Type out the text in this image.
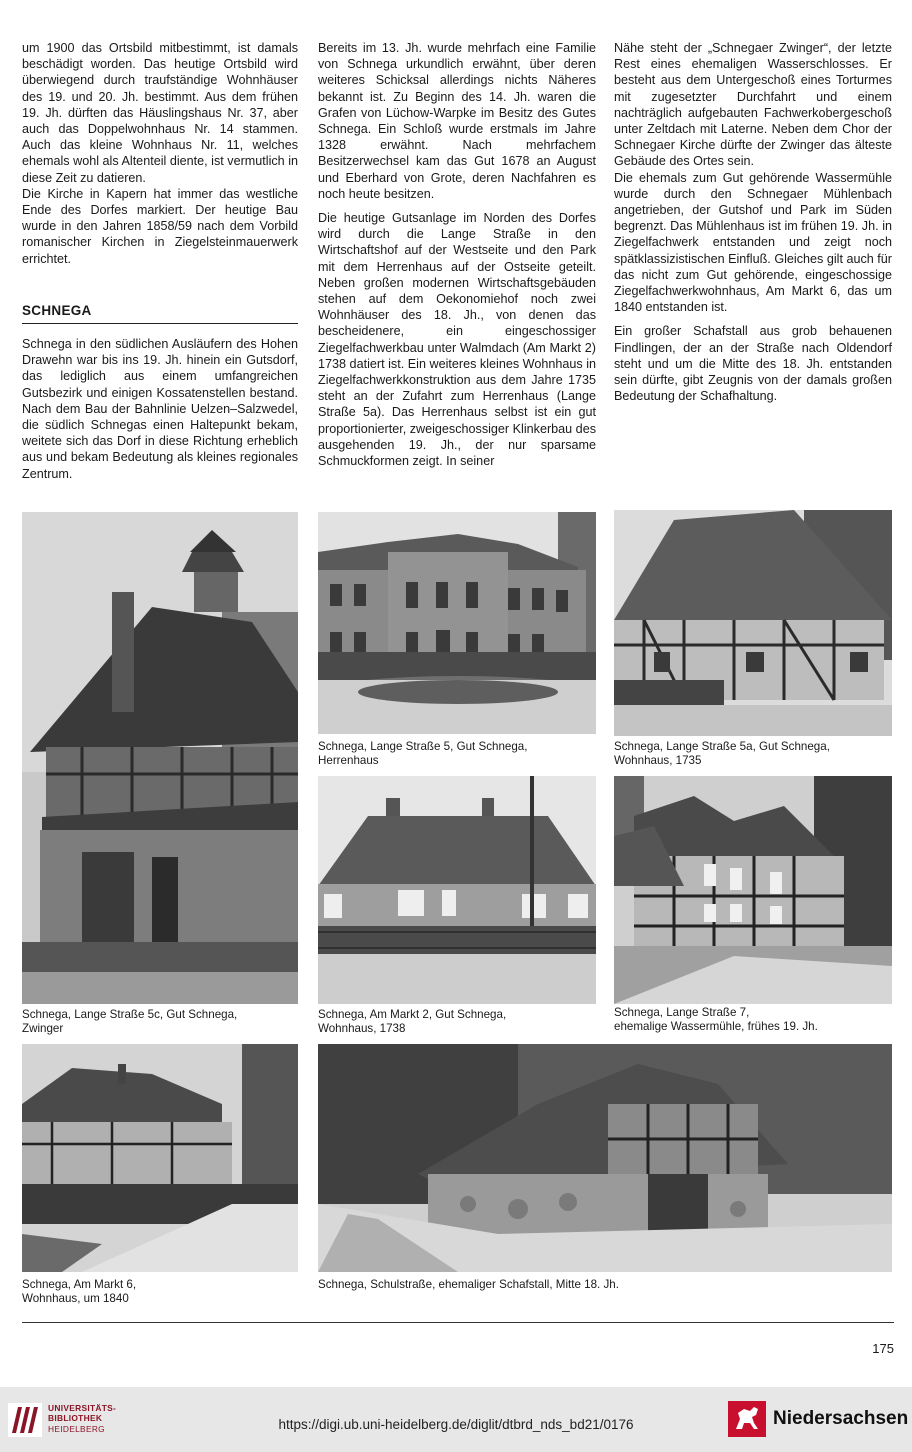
um 1900 das Ortsbild mitbestimmt, ist damals beschädigt worden. Das heutige Ortsbild wird überwiegend durch traufständige Wohnhäuser des 19. und 20. Jh. bestimmt. Aus dem frühen 19. Jh. dürften das Häuslingshaus Nr. 37, aber auch das Doppelwohnhaus Nr. 14 stammen. Auch das kleine Wohnhaus Nr. 11, welches ehemals wohl als Altenteil diente, ist vermutlich in diese Zeit zu datieren.

Die Kirche in Kapern hat immer das westliche Ende des Dorfes markiert. Der heutige Bau wurde in den Jahren 1858/59 nach dem Vorbild romanischer Kirchen in Ziegelsteinmauerwerk errichtet.

SCHNEGA

Schnega in den südlichen Ausläufern des Hohen Drawehn war bis ins 19. Jh. hinein ein Gutsdorf, das lediglich aus einem umfangreichen Gutsbezirk und einigen Kossatenstellen bestand. Nach dem Bau der Bahnlinie Uelzen–Salzwedel, die südlich Schnegas einen Haltepunkt bekam, weitete sich das Dorf in diese Richtung erheblich aus und bekam Bedeutung als kleines regionales Zentrum.

Bereits im 13. Jh. wurde mehrfach eine Familie von Schnega urkundlich erwähnt, über deren weiteres Schicksal allerdings nichts Näheres bekannt ist. Zu Beginn des 14. Jh. waren die Grafen von Lüchow-Warpke im Besitz des Gutes Schnega. Ein Schloß wurde erstmals im Jahre 1328 erwähnt. Nach mehrfachem Besitzerwechsel kam das Gut 1678 an August und Eberhard von Grote, deren Nachfahren es noch heute besitzen.

Die heutige Gutsanlage im Norden des Dorfes wird durch die Lange Straße in den Wirtschaftshof auf der Westseite und den Park mit dem Herrenhaus auf der Ostseite geteilt. Neben großen modernen Wirtschaftsgebäuden stehen auf dem Oekonomiehof noch zwei Wohnhäuser des 18. Jh., von denen das bescheidenere, ein eingeschossiger Ziegelfachwerkbau unter Walmdach (Am Markt 2) 1738 datiert ist. Ein weiteres kleines Wohnhaus in Ziegelfachwerkkonstruktion aus dem Jahre 1735 steht an der Zufahrt zum Herrenhaus (Lange Straße 5a). Das Herrenhaus selbst ist ein gut proportionierter, zweigeschossiger Klinkerbau des ausgehenden 19. Jh., der nur sparsame Schmuckformen zeigt. In seiner

Nähe steht der „Schnegaer Zwinger“, der letzte Rest eines ehemaligen Wasserschlosses. Er besteht aus dem Untergeschoß eines Torturmes mit zugesetzter Durchfahrt und einem nachträglich aufgebauten Fachwerkobergeschoß unter Zeltdach mit Laterne. Neben dem Chor der Schnegaer Kirche dürfte der Zwinger das älteste Gebäude des Ortes sein.

Die ehemals zum Gut gehörende Wassermühle wurde durch den Schnegaer Mühlenbach angetrieben, der Gutshof und Park im Süden begrenzt. Das Mühlenhaus ist im frühen 19. Jh. in Ziegelfachwerk entstanden und zeigt noch spätklassizistischen Einfluß. Gleiches gilt auch für das nicht zum Gut gehörende, eingeschossige Ziegelfachwerkwohnhaus, Am Markt 6, das um 1840 entstanden ist.

Ein großer Schafstall aus grob behauenen Findlingen, der an der Straße nach Oldendorf steht und um die Mitte des 18. Jh. entstanden sein dürfte, gibt Zeugnis von der damals großen Bedeutung der Schafhaltung.

Schnega, Lange Straße 5c, Gut Schnega,
Zwinger
Schnega, Lange Straße 5, Gut Schnega,
Herrenhaus
Schnega, Lange Straße 5a, Gut Schnega,
Wohnhaus, 1735
Schnega, Am Markt 2, Gut Schnega,
Wohnhaus, 1738
Schnega, Lange Straße 7,
ehemalige Wassermühle, frühes 19. Jh.
Schnega, Am Markt 6,
Wohnhaus, um 1840
Schnega, Schulstraße, ehemaliger Schafstall, Mitte 18. Jh.
175
UNIVERSITÄTS-
BIBLIOTHEK
HEIDELBERG	https://digi.ub.uni-heidelberg.de/diglit/dtbrd_nds_bd21/0176	Niedersachsen
